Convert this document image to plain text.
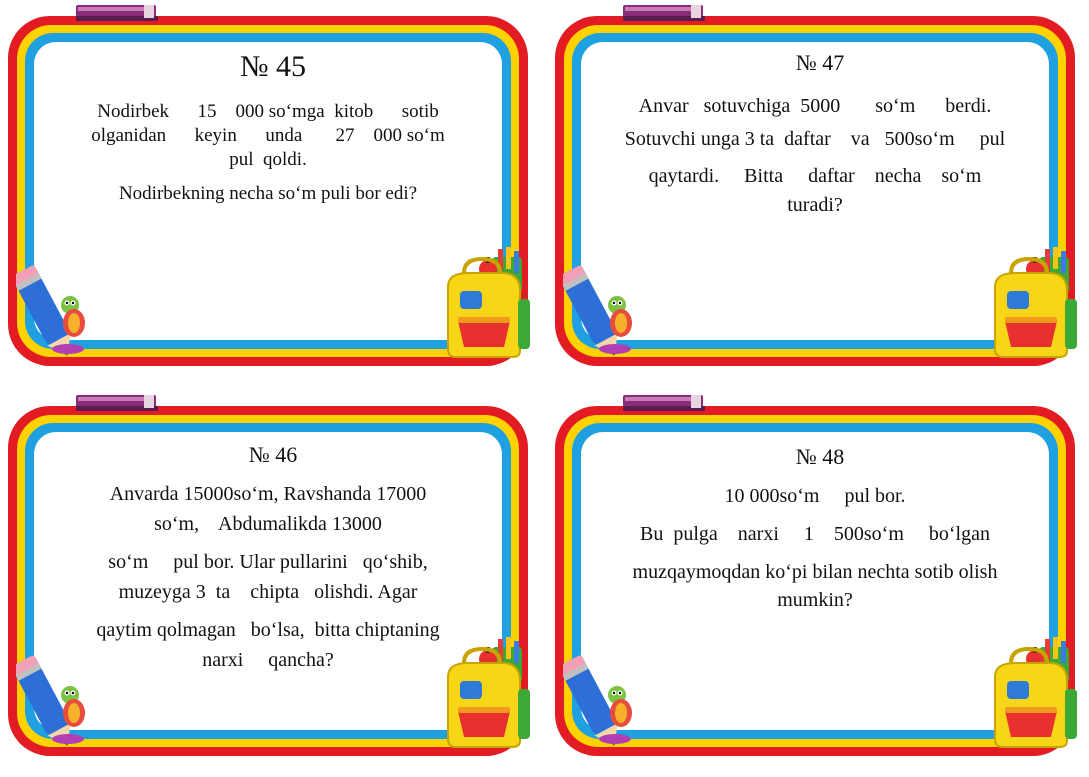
№ 45

Nodirbek      15    000 so‘mga  kitob      sotib

olganidan      keyin      unda       27    000 so‘m

pul  qoldi.

Nodirbekning necha so‘m puli bor edi?

№ 47

Anvar   sotuvchiga  5000       so‘m      berdi.

Sotuvchi unga 3 ta  daftar    va   500so‘m     pul

qaytardi.     Bitta     daftar    necha    so‘m

turadi?

№ 46

Anvarda 15000so‘m, Ravshanda 17000

so‘m,    Abdumalikda 13000

so‘m     pul bor. Ular pullarini   qo‘shib,

muzeyga 3  ta    chipta   olishdi. Agar

qaytim qolmagan   bo‘lsa,  bitta chiptaning

narxi     qancha?

№ 48

10 000so‘m     pul bor.

Bu  pulga    narxi     1    500so‘m     bo‘lgan

muzqaymoqdan ko‘pi bilan nechta sotib olish

mumkin?
